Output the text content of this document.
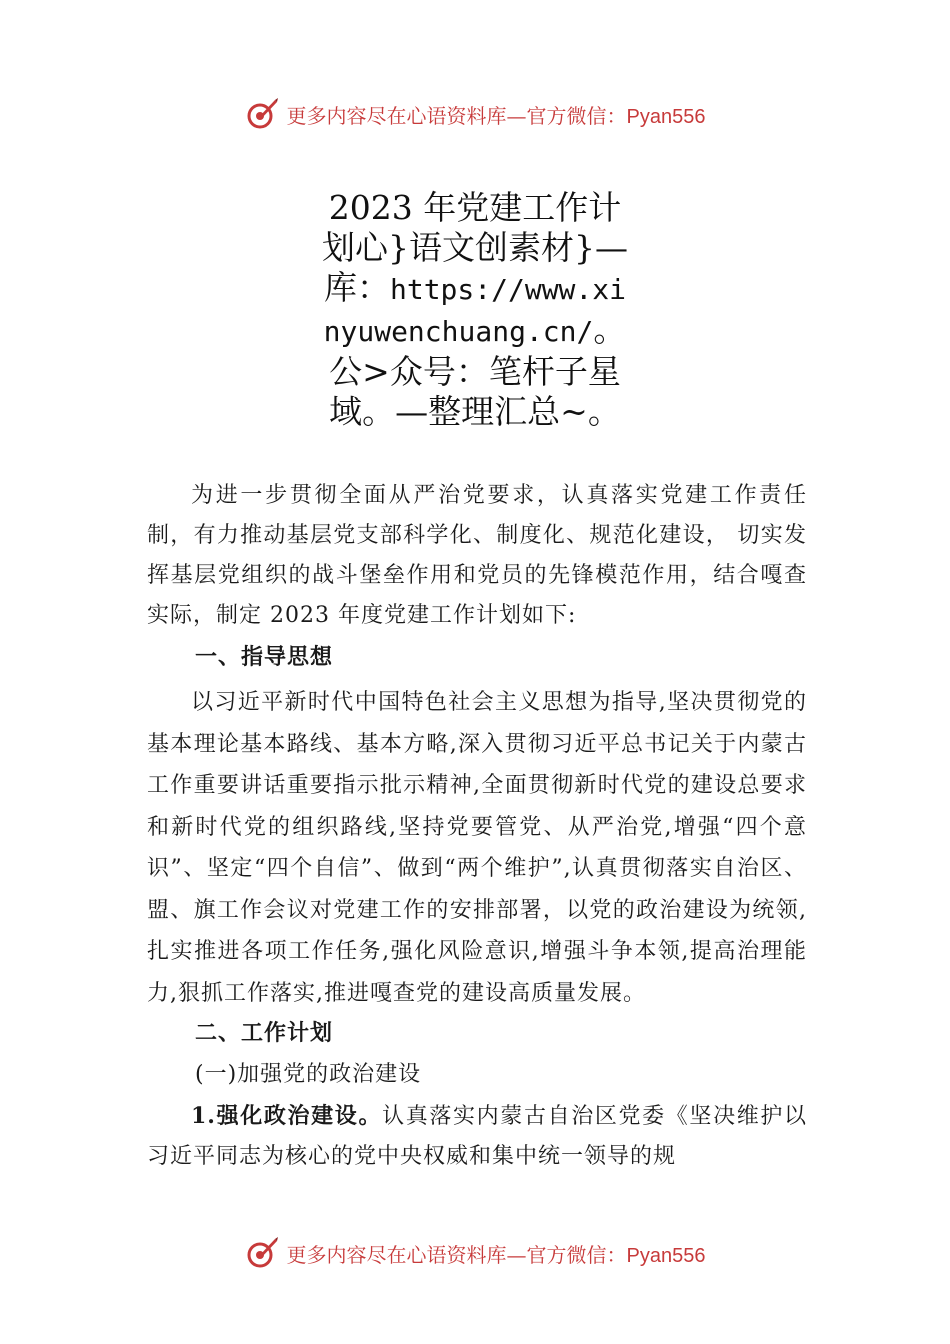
更多内容尽在心语资料库—官方微信：Pyan556
2023 年党建工作计
划心}语文创素材}—
库：https://www.xi
nyuwenchuang.cn/。
公>众号：笔杆子星
域。—整理汇总~。

为进一步贯彻全面从严治党要求，认真落实党建工作责任制，有力推动基层党支部科学化、制度化、规范化建设， 切实发挥基层党组织的战斗堡垒作用和党员的先锋模范作用，结合嘎查实际，制定 2023 年度党建工作计划如下:

一、指导思想

以习近平新时代中国特色社会主义思想为指导,坚决贯彻党的基本理论基本路线、基本方略,深入贯彻习近平总书记关于内蒙古工作重要讲话重要指示批示精神,全面贯彻新时代党的建设总要求和新时代党的组织路线,坚持党要管党、从严治党,增强“四个意识”、坚定“四个自信”、做到“两个维护”,认真贯彻落实自治区、盟、旗工作会议对党建工作的安排部署，以党的政治建设为统领,扎实推进各项工作任务,强化风险意识,增强斗争本领,提高治理能力,狠抓工作落实,推进嘎查党的建设高质量发展。

二、工作计划

(一)加强党的政治建设

1.强化政治建设。认真落实内蒙古自治区党委《坚决维护以习近平同志为核心的党中央权威和集中统一领导的规

更多内容尽在心语资料库—官方微信：Pyan556
